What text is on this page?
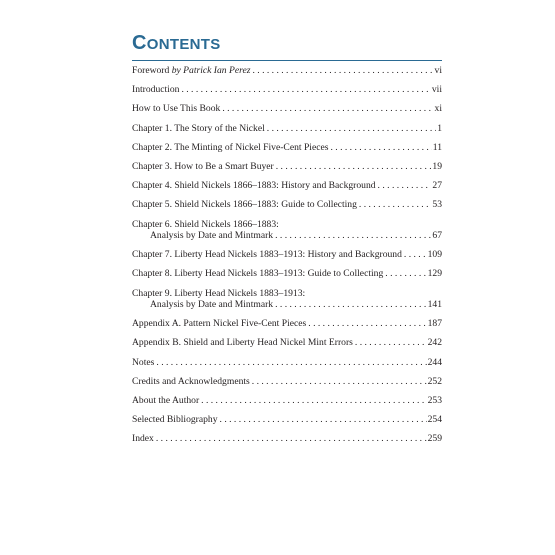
CONTENTS
Foreword by Patrick Ian Perez . . .	vi
Introduction . . .	vii
How to Use This Book . . .	xi
Chapter 1. The Story of the Nickel . . .	1
Chapter 2. The Minting of Nickel Five-Cent Pieces . . .	11
Chapter 3. How to Be a Smart Buyer . . .	19
Chapter 4. Shield Nickels 1866–1883: History and Background . . .	27
Chapter 5. Shield Nickels 1866–1883: Guide to Collecting . . .	53
Chapter 6. Shield Nickels 1866–1883:
Analysis by Date and Mintmark . . .	67
Chapter 7. Liberty Head Nickels 1883–1913: History and Background . . .	109
Chapter 8. Liberty Head Nickels 1883–1913: Guide to Collecting . . .	129
Chapter 9. Liberty Head Nickels 1883–1913:
Analysis by Date and Mintmark . . .	141
Appendix A. Pattern Nickel Five-Cent Pieces . . .	187
Appendix B. Shield and Liberty Head Nickel Mint Errors . . .	242
Notes . . .	244
Credits and Acknowledgments . . .	252
About the Author . . .	253
Selected Bibliography . . .	254
Index . . .	259
